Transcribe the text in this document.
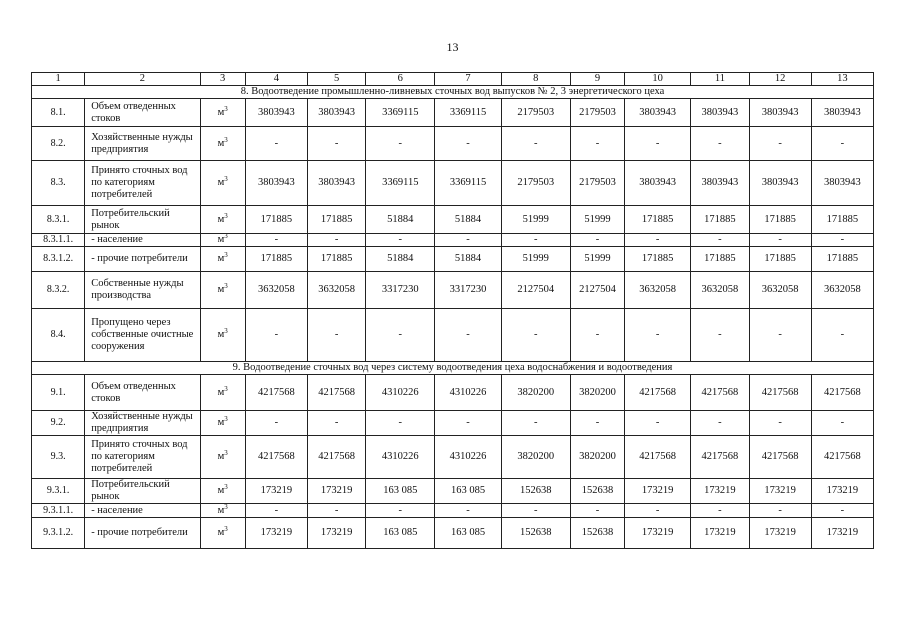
13
1	2	3	4	5	6	7	8	9	10	11	12	13
8. Водоотведение промышленно-ливневых сточных вод выпусков № 2, 3 энергетического цеха												
8.1.	Объем отведенных стоков	$м^3$	3803943	3803943	3369115	3369115	2179503	2179503	3803943	3803943	3803943	3803943
8.2.	Хозяйственные нужды предприятия	$м^3$	-	-	-	-	-	-	-	-	-	-
8.3.	Принято сточных вод по категориям потребителей	$м^3$	3803943	3803943	3369115	3369115	2179503	2179503	3803943	3803943	3803943	3803943
8.3.1.	Потребительский рынок	$м^3$	171885	171885	51884	51884	51999	51999	171885	171885	171885	171885
8.3.1.1.	- население	$м^3$	-	-	-	-	-	-	-	-	-	-
8.3.1.2.	- прочие потребители	$м^3$	171885	171885	51884	51884	51999	51999	171885	171885	171885	171885
8.3.2.	Собственные нужды производства	$м^3$	3632058	3632058	3317230	3317230	2127504	2127504	3632058	3632058	3632058	3632058
8.4.	Пропущено через собственные очистные сооружения	$м^3$	-	-	-	-	-	-	-	-	-	-
9. Водоотведение сточных вод через систему водоотведения цеха водоснабжения и водоотведения												
9.1.	Объем отведенных стоков	$м^3$	4217568	4217568	4310226	4310226	3820200	3820200	4217568	4217568	4217568	4217568
9.2.	Хозяйственные нужды предприятия	$м^3$	-	-	-	-	-	-	-	-	-	-
9.3.	Принято сточных вод по категориям потребителей	$м^3$	4217568	4217568	4310226	4310226	3820200	3820200	4217568	4217568	4217568	4217568
9.3.1.	Потребительский рынок	$м^3$	173219	173219	163 085	163 085	152638	152638	173219	173219	173219	173219
9.3.1.1.	- население	$м^3$	-	-	-	-	-	-	-	-	-	-
9.3.1.2.	- прочие потребители	$м^3$	173219	173219	163 085	163 085	152638	152638	173219	173219	173219	173219
